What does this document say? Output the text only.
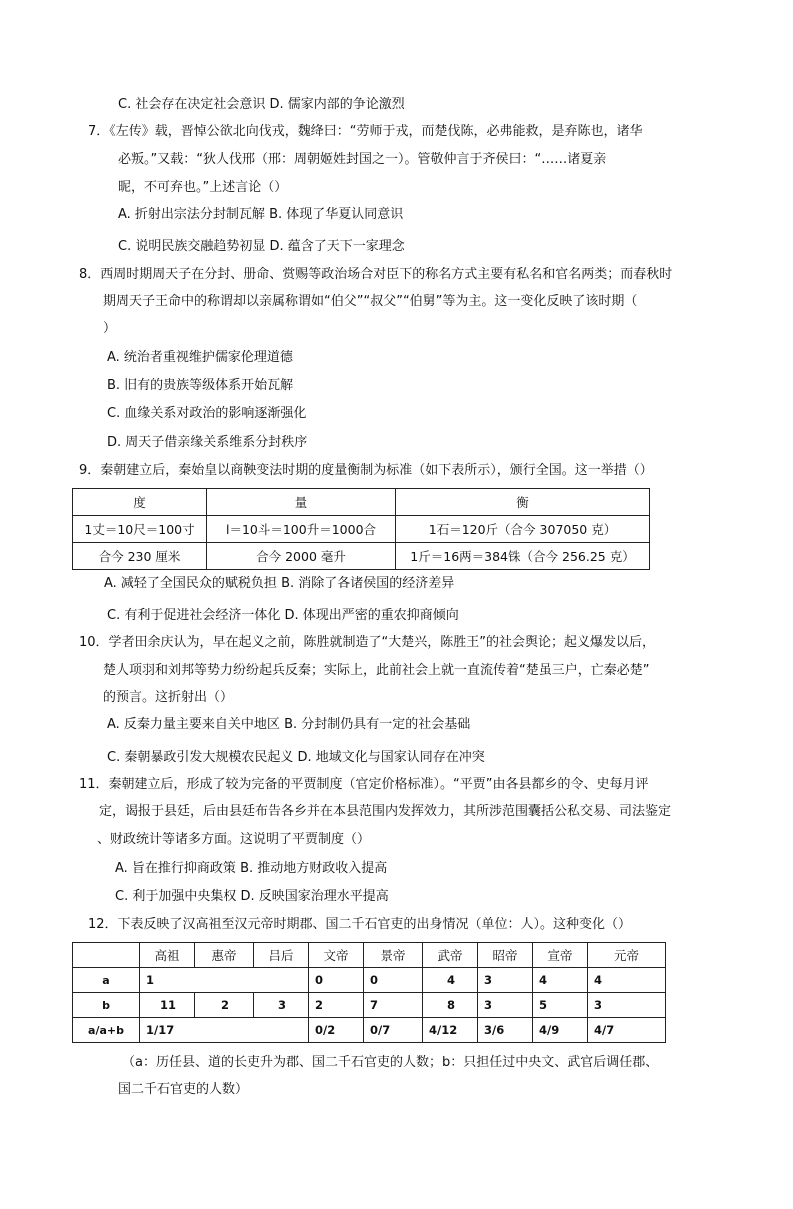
C. 社会存在决定社会意识 D. 儒家内部的争论激烈
7．《左传》载，晋悼公欲北向伐戎，魏绛曰：“劳师于戎，而楚伐陈，必弗能救，是弃陈也，诸华
必叛。”又载：“狄人伐邢（邢：周朝姬姓封国之一）。管敬仲言于齐侯曰：“……诸夏亲
昵，不可弃也。”上述言论（）
A. 折射出宗法分封制瓦解 B. 体现了华夏认同意识
C. 说明民族交融趋势初显 D. 蕴含了天下一家理念
8．西周时期周天子在分封、册命、赏赐等政治场合对臣下的称名方式主要有私名和官名两类；而春秋时
期周天子王命中的称谓却以亲属称谓如“伯父”“叔父”“伯舅”等为主。这一变化反映了该时期（
）
A. 统治者重视维护儒家伦理道德
B. 旧有的贵族等级体系开始瓦解
C. 血缘关系对政治的影响逐渐强化
D. 周天子借亲缘关系维系分封秩序
9．秦朝建立后，秦始皇以商鞅变法时期的度量衡制为标准（如下表所示），颁行全国。这一举措（）
度	量	衡
1丈＝10尺＝100寸	l＝10斗＝100升＝1000合	1石＝120斤（合今 307050 克）
合今 230 厘米	合今 2000 毫升	1斤＝16两＝384铢（合今 256.25 克）
A. 减轻了全国民众的赋税负担 B. 消除了各诸侯国的经济差异
C. 有利于促进社会经济一体化 D. 体现出严密的重农抑商倾向
10．学者田余庆认为，早在起义之前，陈胜就制造了“大楚兴，陈胜王”的社会舆论；起义爆发以后，
楚人项羽和刘邦等势力纷纷起兵反秦；实际上，此前社会上就一直流传着“楚虽三户，亡秦必楚”
的预言。这折射出（）
A. 反秦力量主要来自关中地区 B. 分封制仍具有一定的社会基础
C. 秦朝暴政引发大规模农民起义 D. 地域文化与国家认同存在冲突
11．秦朝建立后，形成了较为完备的平贾制度（官定价格标准）。“平贾”由各县都乡的令、史每月评
定，谒报于县廷，后由县廷布告各乡并在本县范围内发挥效力，其所涉范围囊括公私交易、司法鉴定
、财政统计等诸多方面。这说明了平贾制度（）
A. 旨在推行抑商政策 B. 推动地方财政收入提高
C. 利于加强中央集权 D. 反映国家治理水平提高
12．下表反映了汉高祖至汉元帝时期郡、国二千石官吏的出身情况（单位：人）。这种变化（）
	高祖	惠帝	吕后	文帝	景帝	武帝	昭帝	宣帝	元帝
a	1			0	0	4	3	4	4
b	11	2	3	2	7	8	3	5	3
a/a+b	1/17			0/2	0/7	4/12	3/6	4/9	4/7
（a：历任县、道的长吏升为郡、国二千石官吏的人数；b：只担任过中央文、武官后调任郡、
国二千石官吏的人数）
